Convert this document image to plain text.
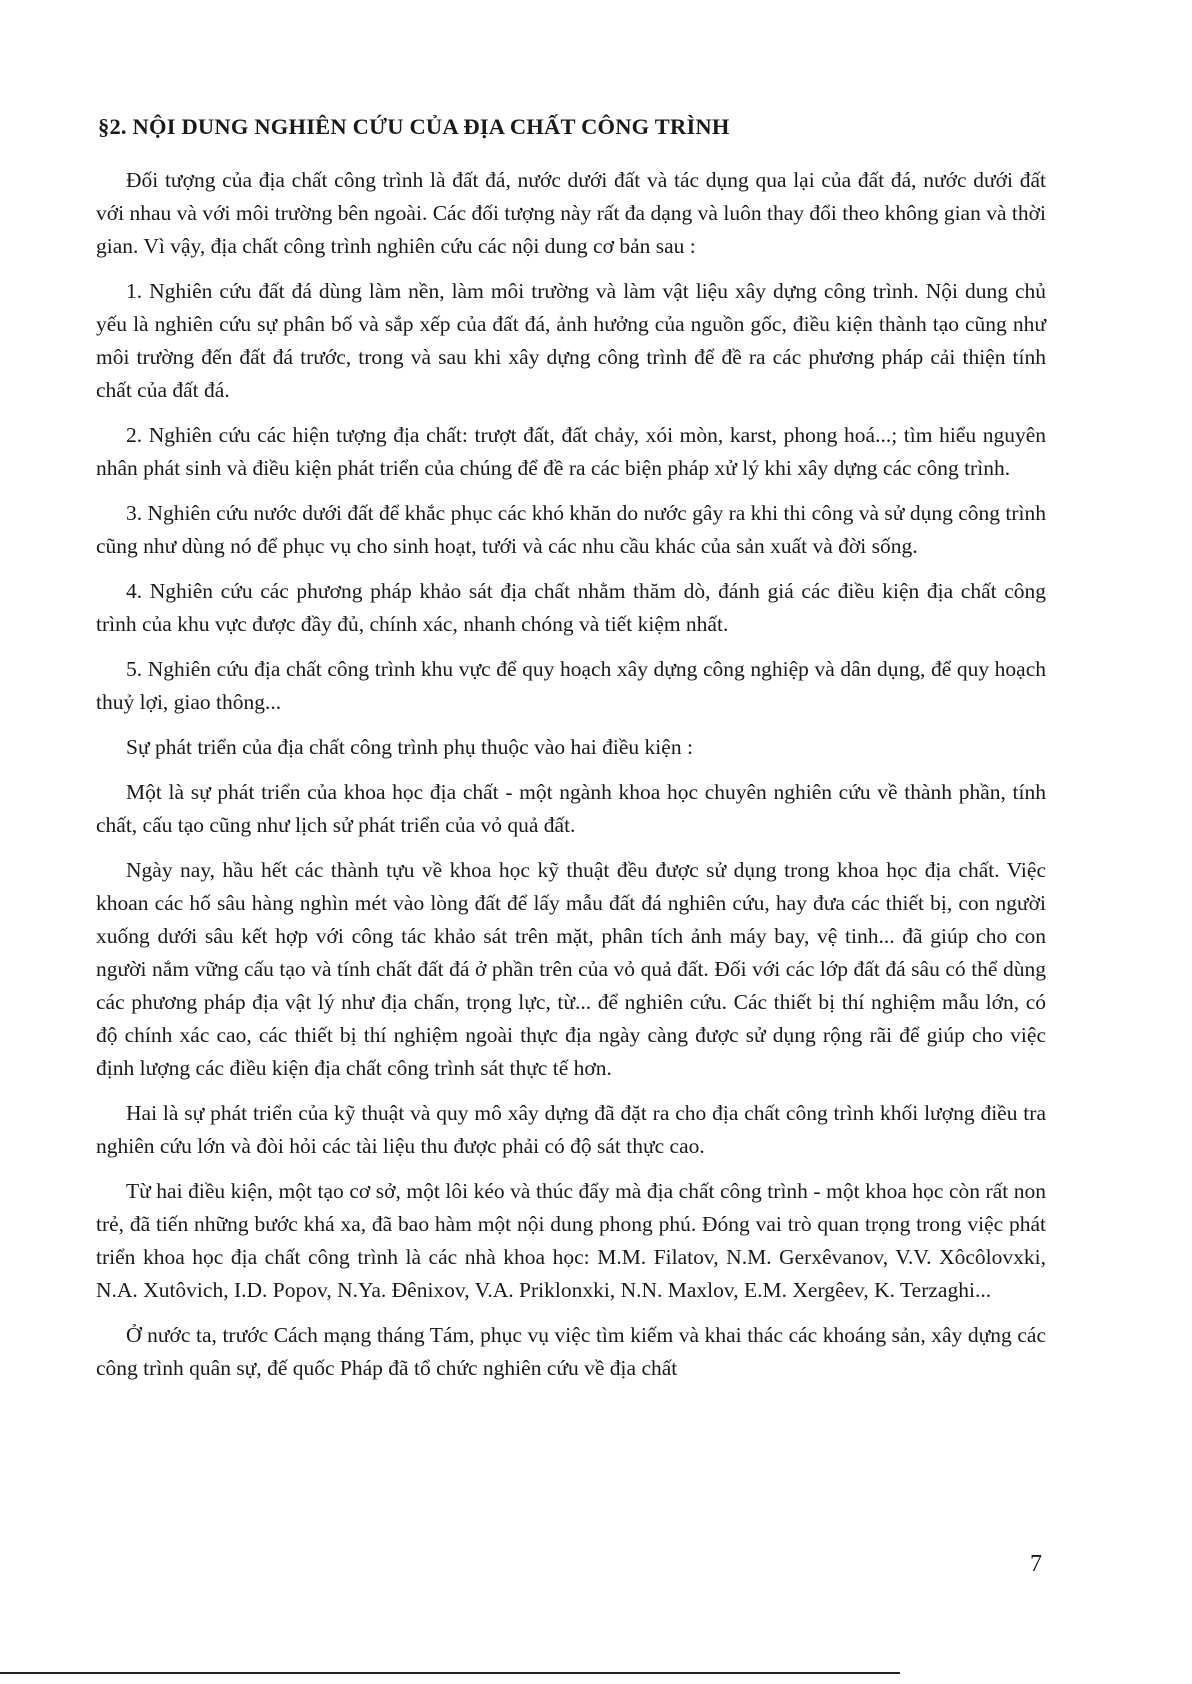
§2. NỘI DUNG NGHIÊN CỨU CỦA ĐỊA CHẤT CÔNG TRÌNH

Đối tượng của địa chất công trình là đất đá, nước dưới đất và tác dụng qua lại của đất đá, nước dưới đất với nhau và với môi trường bên ngoài. Các đối tượng này rất đa dạng và luôn thay đổi theo không gian và thời gian. Vì vậy, địa chất công trình nghiên cứu các nội dung cơ bản sau :

1. Nghiên cứu đất đá dùng làm nền, làm môi trường và làm vật liệu xây dựng công trình. Nội dung chủ yếu là nghiên cứu sự phân bố và sắp xếp của đất đá, ảnh hưởng của nguồn gốc, điều kiện thành tạo cũng như môi trường đến đất đá trước, trong và sau khi xây dựng công trình để đề ra các phương pháp cải thiện tính chất của đất đá.

2. Nghiên cứu các hiện tượng địa chất: trượt đất, đất chảy, xói mòn, karst, phong hoá...; tìm hiểu nguyên nhân phát sinh và điều kiện phát triển của chúng để đề ra các biện pháp xử lý khi xây dựng các công trình.

3. Nghiên cứu nước dưới đất để khắc phục các khó khăn do nước gây ra khi thi công và sử dụng công trình cũng như dùng nó để phục vụ cho sinh hoạt, tưới và các nhu cầu khác của sản xuất và đời sống.

4. Nghiên cứu các phương pháp khảo sát địa chất nhằm thăm dò, đánh giá các điều kiện địa chất công trình của khu vực được đầy đủ, chính xác, nhanh chóng và tiết kiệm nhất.

5. Nghiên cứu địa chất công trình khu vực để quy hoạch xây dựng công nghiệp và dân dụng, để quy hoạch thuỷ lợi, giao thông...

Sự phát triển của địa chất công trình phụ thuộc vào hai điều kiện :

Một là sự phát triển của khoa học địa chất - một ngành khoa học chuyên nghiên cứu về thành phần, tính chất, cấu tạo cũng như lịch sử phát triển của vỏ quả đất.

Ngày nay, hầu hết các thành tựu về khoa học kỹ thuật đều được sử dụng trong khoa học địa chất. Việc khoan các hố sâu hàng nghìn mét vào lòng đất để lấy mẫu đất đá nghiên cứu, hay đưa các thiết bị, con người xuống dưới sâu kết hợp với công tác khảo sát trên mặt, phân tích ảnh máy bay, vệ tinh... đã giúp cho con người nắm vững cấu tạo và tính chất đất đá ở phần trên của vỏ quả đất. Đối với các lớp đất đá sâu có thể dùng các phương pháp địa vật lý như địa chấn, trọng lực, từ... để nghiên cứu. Các thiết bị thí nghiệm mẫu lớn, có độ chính xác cao, các thiết bị thí nghiệm ngoài thực địa ngày càng được sử dụng rộng rãi để giúp cho việc định lượng các điều kiện địa chất công trình sát thực tế hơn.

Hai là sự phát triển của kỹ thuật và quy mô xây dựng đã đặt ra cho địa chất công trình khối lượng điều tra nghiên cứu lớn và đòi hỏi các tài liệu thu được phải có độ sát thực cao.

Từ hai điều kiện, một tạo cơ sở, một lôi kéo và thúc đẩy mà địa chất công trình - một khoa học còn rất non trẻ, đã tiến những bước khá xa, đã bao hàm một nội dung phong phú. Đóng vai trò quan trọng trong việc phát triển khoa học địa chất công trình là các nhà khoa học: M.M. Filatov, N.M. Gerxêvanov, V.V. Xôcôlovxki, N.A. Xutôvich, I.D. Popov, N.Ya. Đênixov, V.A. Priklonxki, N.N. Maxlov, E.M. Xergêev, K. Terzaghi...

Ở nước ta, trước Cách mạng tháng Tám, phục vụ việc tìm kiếm và khai thác các khoáng sản, xây dựng các công trình quân sự, đế quốc Pháp đã tổ chức nghiên cứu về địa chất

7
